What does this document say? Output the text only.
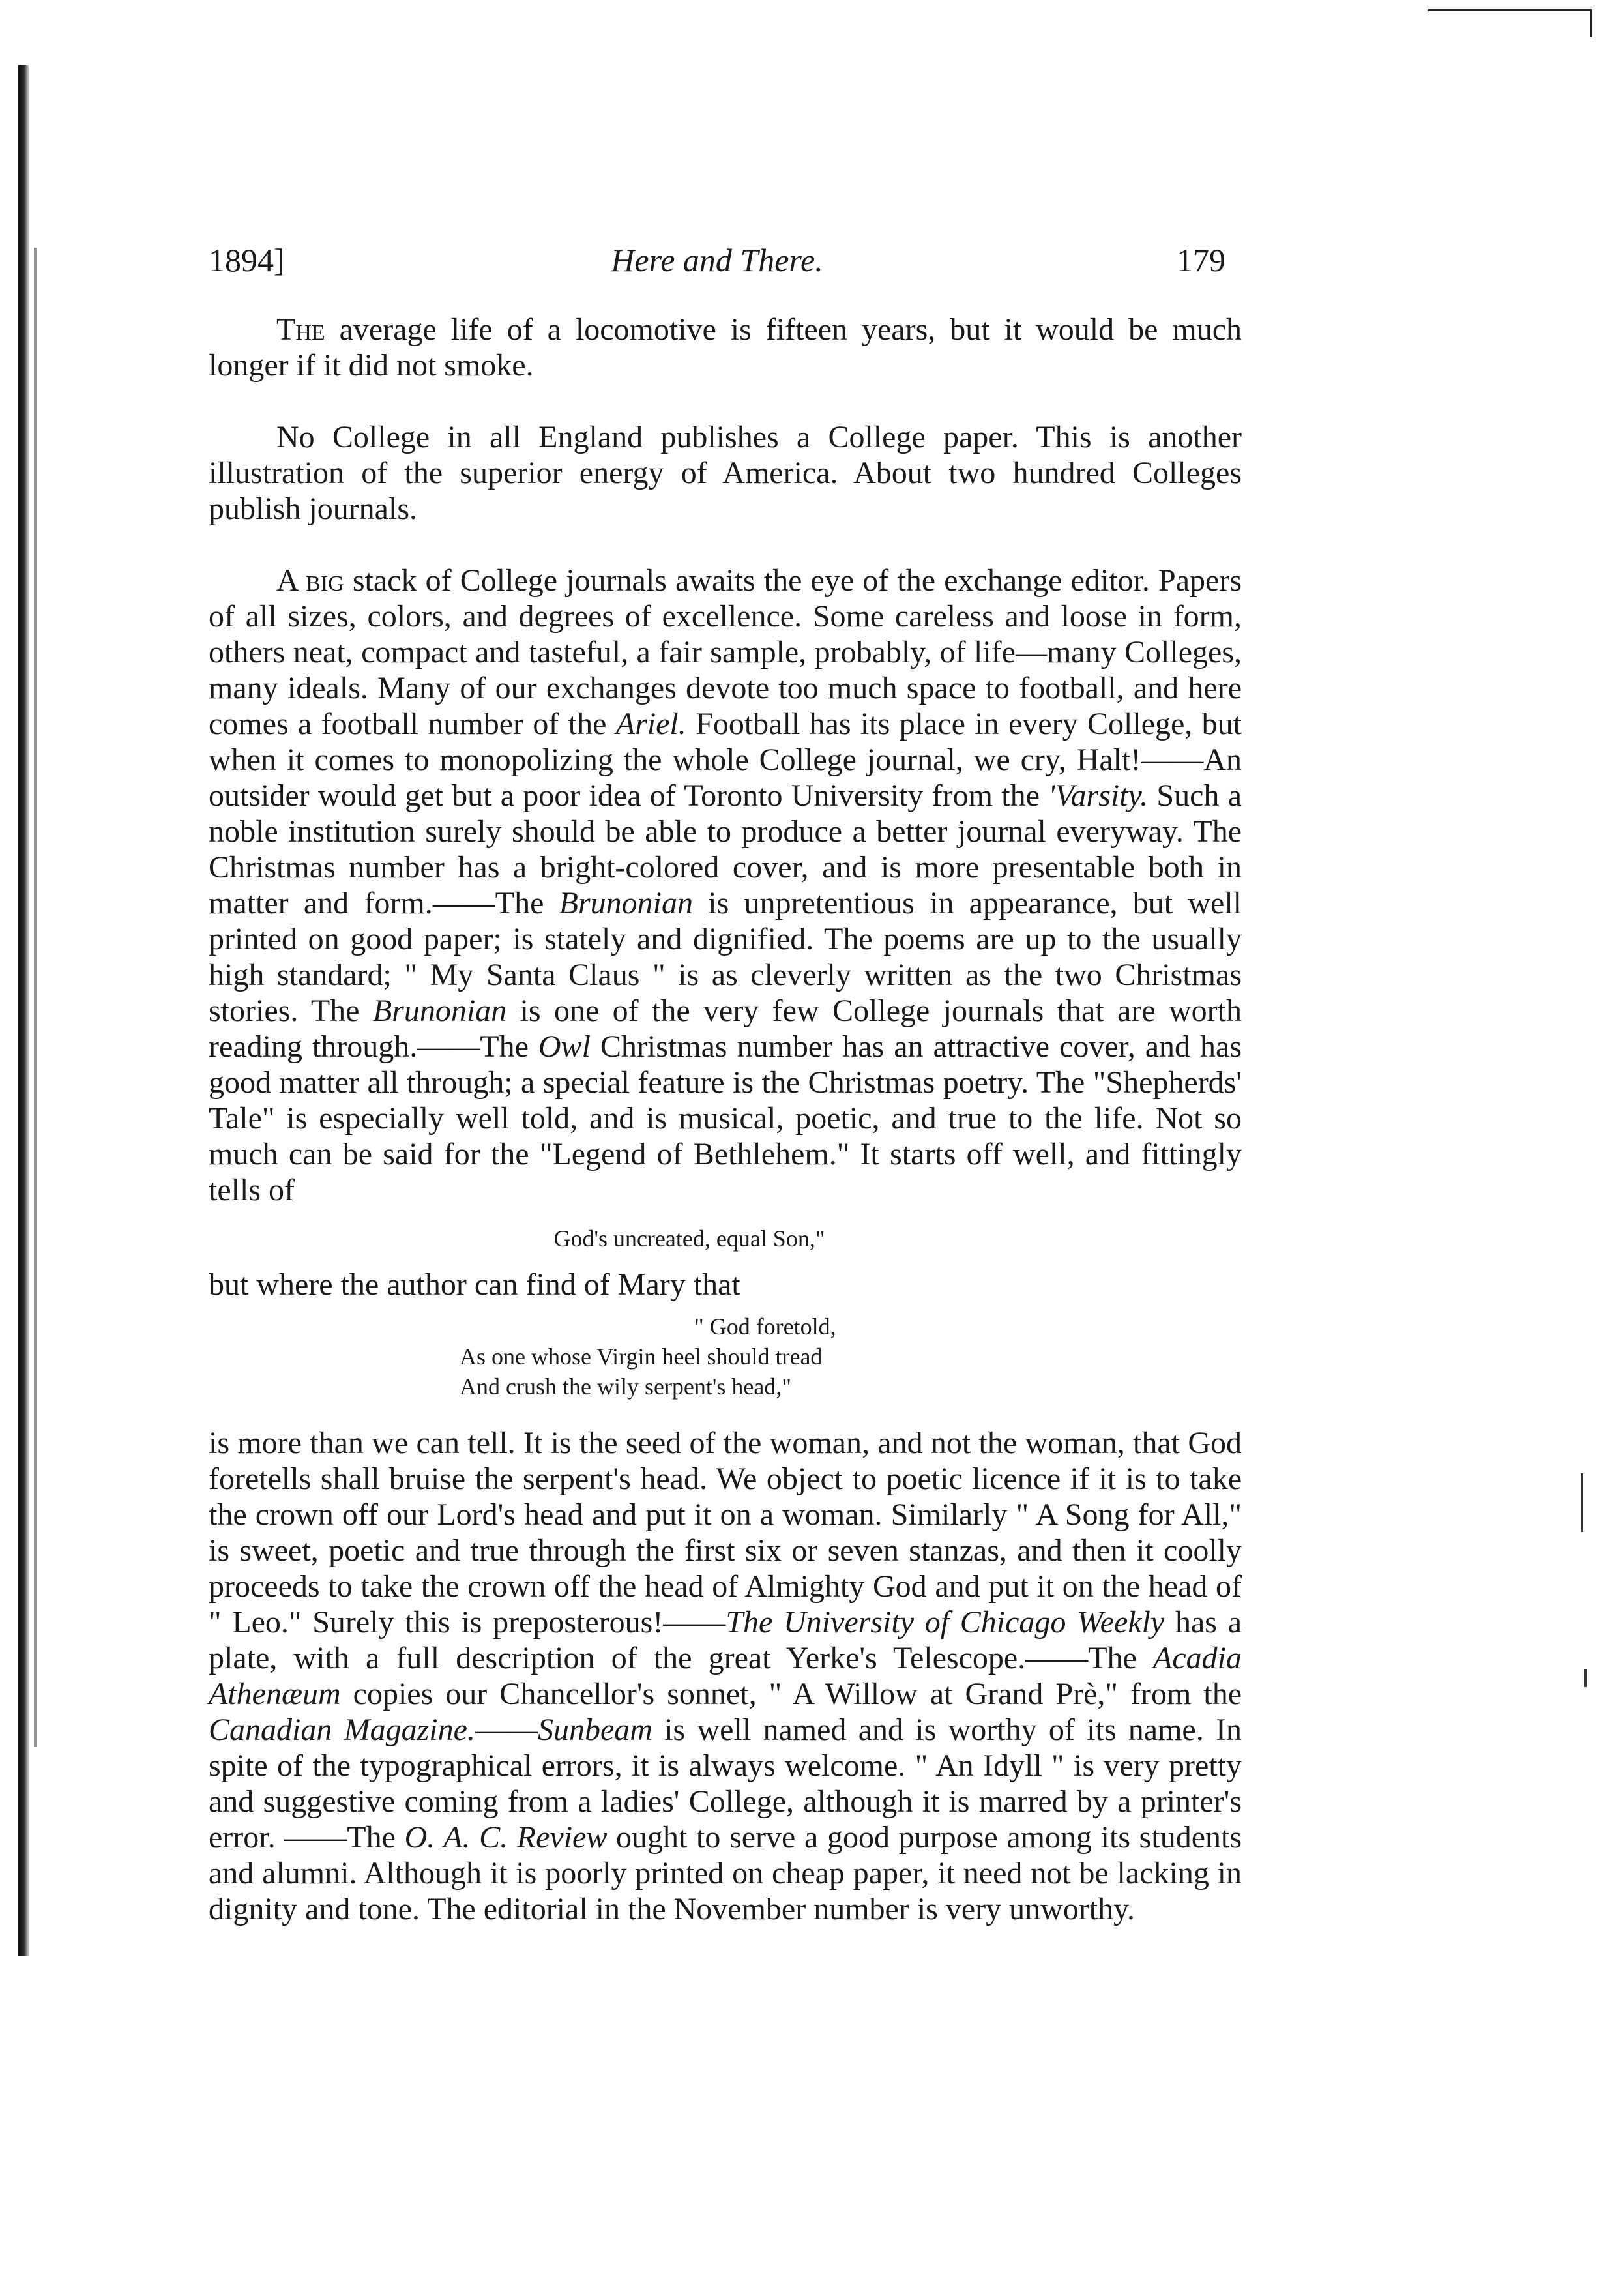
1894]	Here and There.	179

The average life of a locomotive is fifteen years, but it would be much longer if it did not smoke.

No College in all England publishes a College paper. This is another illustration of the superior energy of America. About two hundred Colleges publish journals.

A big stack of College journals awaits the eye of the exchange editor. Papers of all sizes, colors, and degrees of excellence. Some careless and loose in form, others neat, compact and tasteful, a fair sample, probably, of life—many Colleges, many ideals. Many of our exchanges devote too much space to football, and here comes a football number of the Ariel. Football has its place in every College, but when it comes to monopolizing the whole College journal, we cry, Halt!——An outsider would get but a poor idea of Toronto University from the 'Varsity. Such a noble institution surely should be able to produce a better journal everyway. The Christmas number has a bright-colored cover, and is more presentable both in matter and form.——The Brunonian is unpretentious in appearance, but well printed on good paper; is stately and dignified. The poems are up to the usually high standard; " My Santa Claus " is as cleverly written as the two Christmas stories. The Brunonian is one of the very few College journals that are worth reading through.——The Owl Christmas number has an attractive cover, and has good matter all through; a special feature is the Christmas poetry. The "Shepherds' Tale" is especially well told, and is musical, poetic, and true to the life. Not so much can be said for the "Legend of Bethlehem." It starts off well, and fittingly tells of

God's uncreated, equal Son,"

but where the author can find of Mary that

" God foretold,
As one whose Virgin heel should tread
And crush the wily serpent's head,"

is more than we can tell. It is the seed of the woman, and not the woman, that God foretells shall bruise the serpent's head. We object to poetic licence if it is to take the crown off our Lord's head and put it on a woman. Similarly " A Song for All," is sweet, poetic and true through the first six or seven stanzas, and then it coolly proceeds to take the crown off the head of Almighty God and put it on the head of " Leo." Surely this is preposterous!——The University of Chicago Weekly has a plate, with a full description of the great Yerke's Telescope.——The Acadia Athenæum copies our Chancellor's sonnet, " A Willow at Grand Prè," from the Canadian Magazine.——Sunbeam is well named and is worthy of its name. In spite of the typographical errors, it is always welcome. " An Idyll " is very pretty and suggestive coming from a ladies' College, although it is marred by a printer's error. ——The O. A. C. Review ought to serve a good purpose among its students and alumni. Although it is poorly printed on cheap paper, it need not be lacking in dignity and tone. The editorial in the November number is very unworthy.
